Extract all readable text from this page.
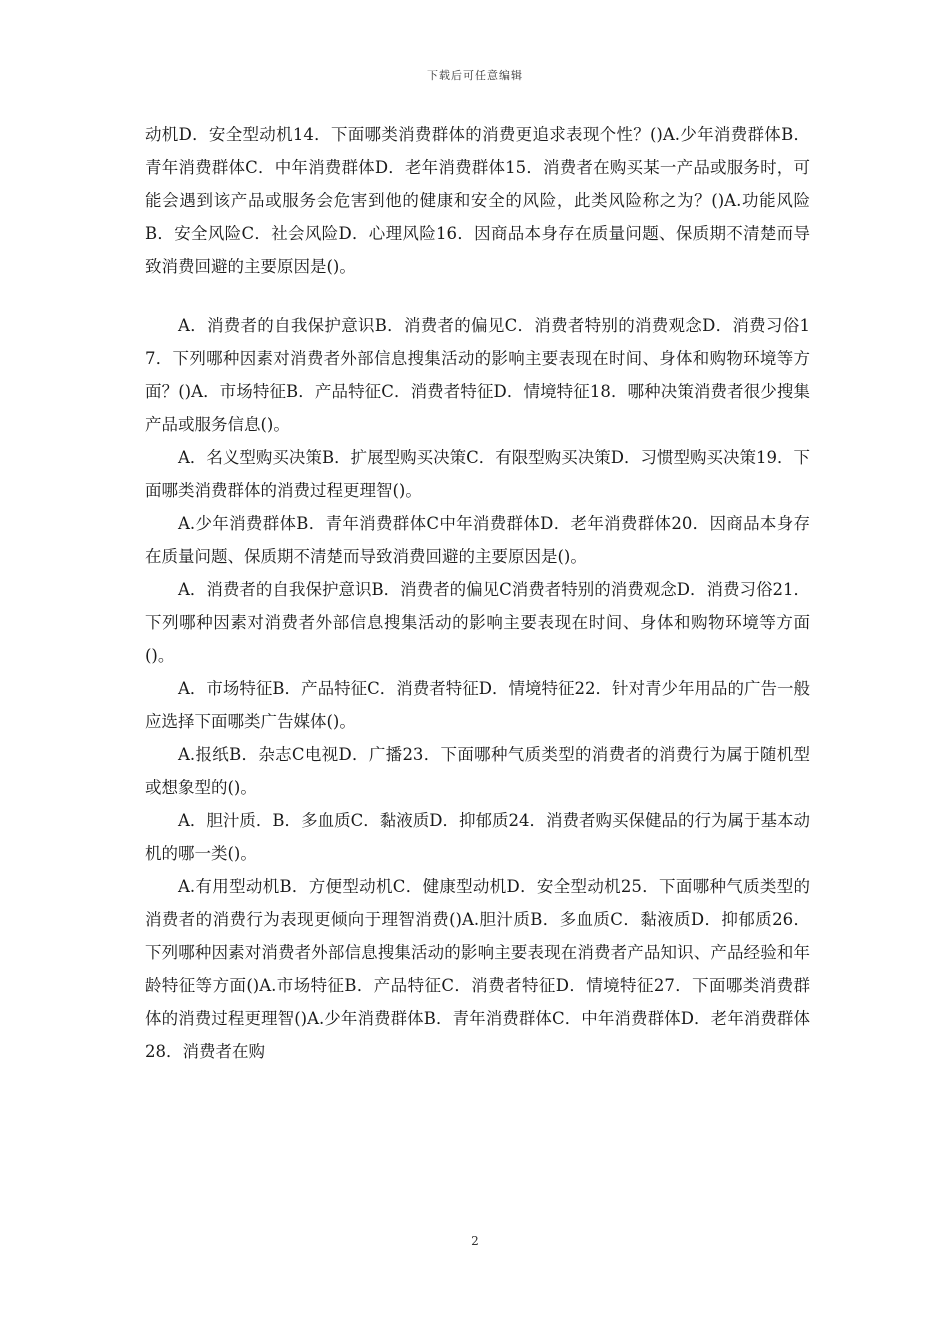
下载后可任意编辑

动机D．安全型动机14．下面哪类消费群体的消费更追求表现个性？()A.少年消费群体B．青年消费群体C．中年消费群体D．老年消费群体15．消费者在购买某一产品或服务时，可能会遇到该产品或服务会危害到他的健康和安全的风险，此类风险称之为？()A.功能风险B．安全风险C．社会风险D．心理风险16．因商品本身存在质量问题、保质期不清楚而导致消费回避的主要原因是()。

A．消费者的自我保护意识B．消费者的偏见C．消费者特别的消费观念D．消费习俗17．下列哪种因素对消费者外部信息搜集活动的影响主要表现在时间、身体和购物环境等方面？()A．市场特征B．产品特征C．消费者特征D．情境特征18．哪种决策消费者很少搜集产品或服务信息()。

A．名义型购买决策B．扩展型购买决策C．有限型购买决策D．习惯型购买决策19．下面哪类消费群体的消费过程更理智()。

A.少年消费群体B．青年消费群体C中年消费群体D．老年消费群体20．因商品本身存在质量问题、保质期不清楚而导致消费回避的主要原因是()。

A．消费者的自我保护意识B．消费者的偏见C消费者特别的消费观念D．消费习俗21．下列哪种因素对消费者外部信息搜集活动的影响主要表现在时间、身体和购物环境等方面()。

A．市场特征B．产品特征C．消费者特征D．情境特征22．针对青少年用品的广告一般应选择下面哪类广告媒体()。

A.报纸B．杂志C电视D．广播23．下面哪种气质类型的消费者的消费行为属于随机型或想象型的()。

A．胆汁质．B．多血质C．黏液质D．抑郁质24．消费者购买保健品的行为属于基本动机的哪一类()。

A.有用型动机B．方便型动机C．健康型动机D．安全型动机25．下面哪种气质类型的消费者的消费行为表现更倾向于理智消费()A.胆汁质B．多血质C．黏液质D．抑郁质26．下列哪种因素对消费者外部信息搜集活动的影响主要表现在消费者产品知识、产品经验和年龄特征等方面()A.市场特征B．产品特征C．消费者特征D．情境特征27．下面哪类消费群体的消费过程更理智()A.少年消费群体B．青年消费群体C．中年消费群体D．老年消费群体28．消费者在购

2
